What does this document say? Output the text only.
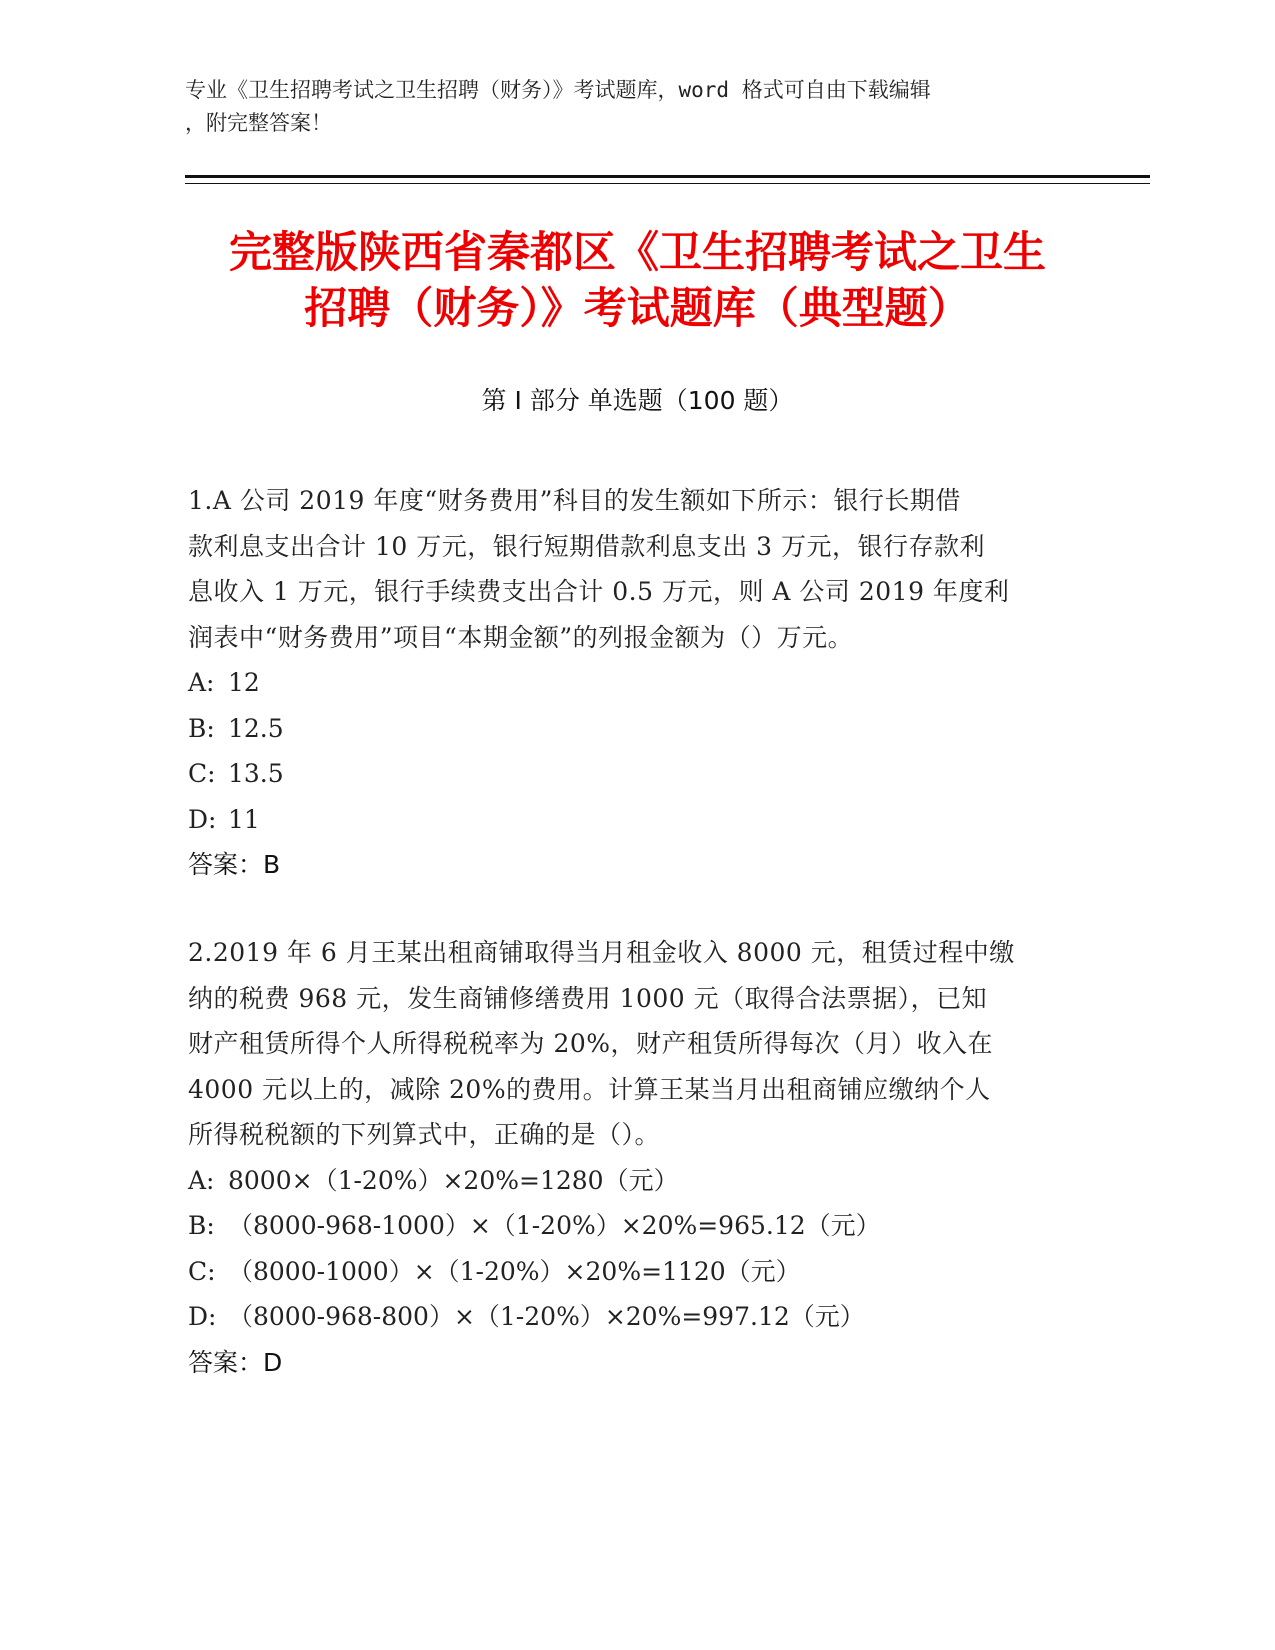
专业《卫生招聘考试之卫生招聘（财务）》考试题库，word 格式可自由下载编辑
，附完整答案！
完整版陕西省秦都区《卫生招聘考试之卫生
招聘（财务）》考试题库（典型题）
第 I 部分 单选题（100 题）
1.A 公司 2019 年度“财务费用”科目的发生额如下所示：银行长期借
款利息支出合计 10 万元，银行短期借款利息支出 3 万元，银行存款利
息收入 1 万元，银行手续费支出合计 0.5 万元，则 A 公司 2019 年度利
润表中“财务费用”项目“本期金额”的列报金额为（）万元。
A: 12
B: 12.5
C: 13.5
D: 11
答案：B
2.2019 年 6 月王某出租商铺取得当月租金收入 8000 元，租赁过程中缴
纳的税费 968 元，发生商铺修缮费用 1000 元（取得合法票据），已知
财产租赁所得个人所得税税率为 20%，财产租赁所得每次（月）收入在
4000 元以上的，减除 20%的费用。计算王某当月出租商铺应缴纳个人
所得税税额的下列算式中，正确的是（）。
A: 8000×（1-20%）×20%=1280（元）
B: （8000-968-1000）×（1-20%）×20%=965.12（元）
C: （8000-1000）×（1-20%）×20%=1120（元）
D: （8000-968-800）×（1-20%）×20%=997.12（元）
答案：D
